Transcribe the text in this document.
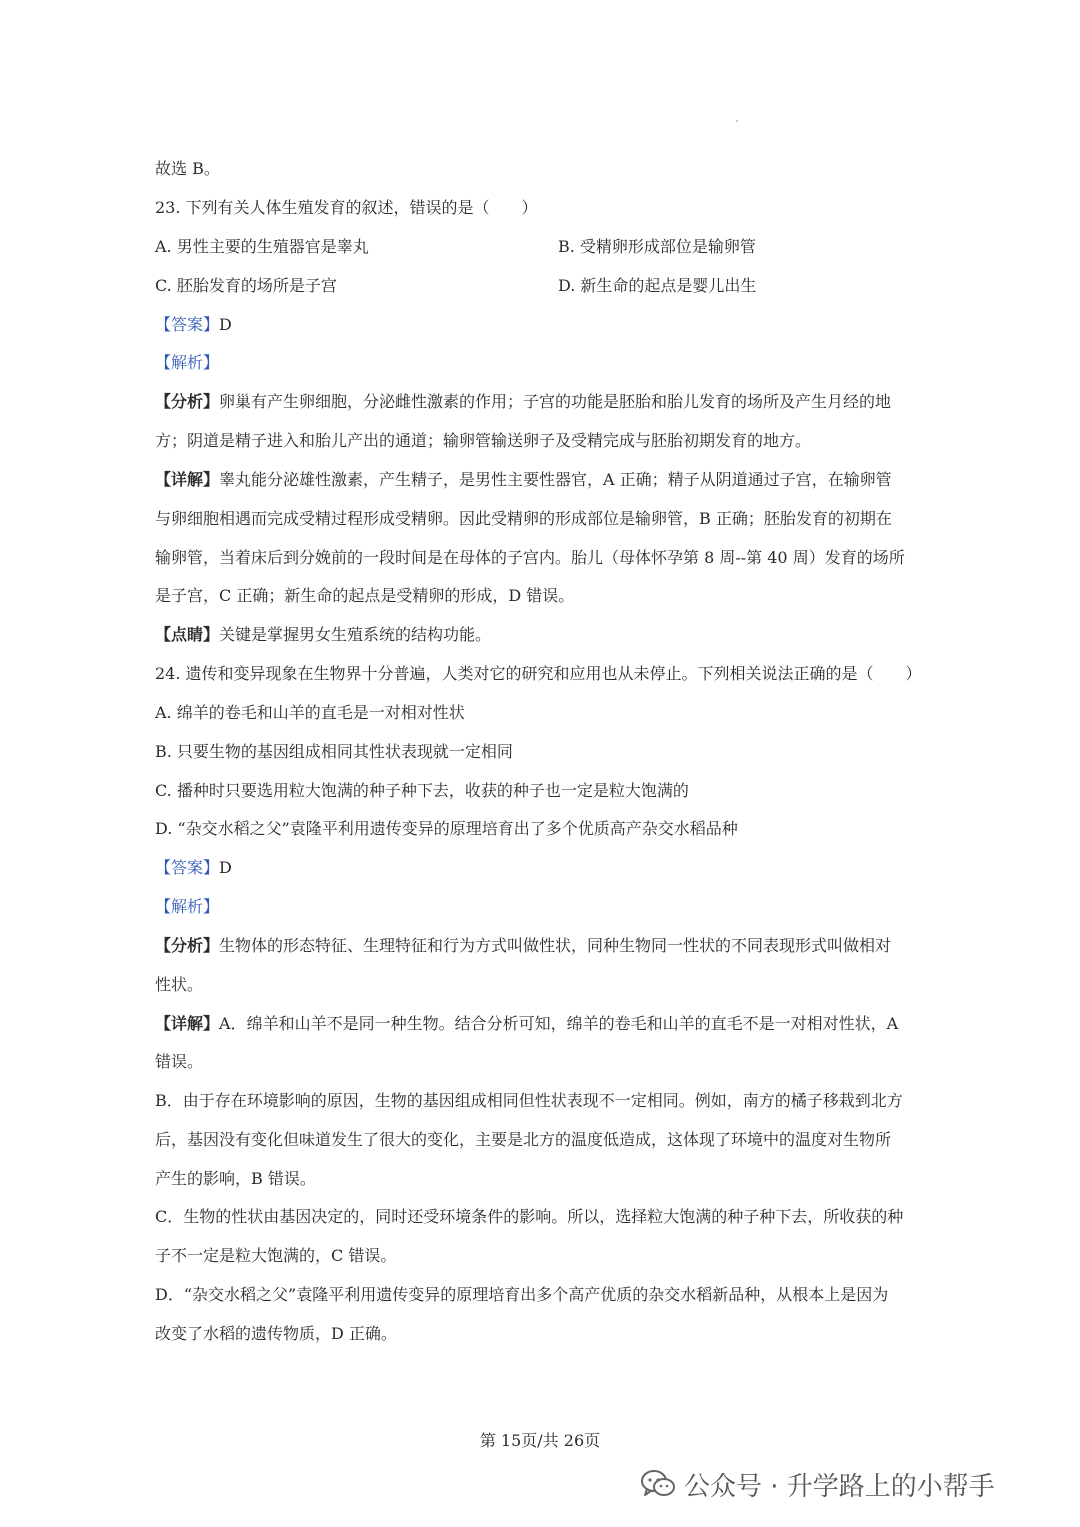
故选 B。
23. 下列有关人体生殖发育的叙述，错误的是（　　）
A. 男性主要的生殖器官是睾丸	B. 受精卵形成部位是输卵管
C. 胚胎发育的场所是子宫	D. 新生命的起点是婴儿出生
【答案】D
【解析】
【分析】卵巢有产生卵细胞，分泌雌性激素的作用；子宫的功能是胚胎和胎儿发育的场所及产生月经的地
方；阴道是精子进入和胎儿产出的通道；输卵管输送卵子及受精完成与胚胎初期发育的地方。
【详解】睾丸能分泌雄性激素，产生精子，是男性主要性器官，A 正确；精子从阴道通过子宫，在输卵管
与卵细胞相遇而完成受精过程形成受精卵。因此受精卵的形成部位是输卵管，B 正确；胚胎发育的初期在
输卵管，当着床后到分娩前的一段时间是在母体的子宫内。胎儿（母体怀孕第 8 周--第 40 周）发育的场所
是子宫，C 正确；新生命的起点是受精卵的形成，D 错误。
【点睛】关键是掌握男女生殖系统的结构功能。
24. 遗传和变异现象在生物界十分普遍，人类对它的研究和应用也从未停止。下列相关说法正确的是（　　）
A. 绵羊的卷毛和山羊的直毛是一对相对性状
B. 只要生物的基因组成相同其性状表现就一定相同
C. 播种时只要选用粒大饱满的种子种下去，收获的种子也一定是粒大饱满的
D. “杂交水稻之父”袁隆平利用遗传变异的原理培育出了多个优质高产杂交水稻品种
【答案】D
【解析】
【分析】生物体的形态特征、生理特征和行为方式叫做性状，同种生物同一性状的不同表现形式叫做相对
性状。
【详解】A．绵羊和山羊不是同一种生物。结合分析可知，绵羊的卷毛和山羊的直毛不是一对相对性状，A
错误。
B．由于存在环境影响的原因，生物的基因组成相同但性状表现不一定相同。例如，南方的橘子移栽到北方
后，基因没有变化但味道发生了很大的变化，主要是北方的温度低造成，这体现了环境中的温度对生物所
产生的影响，B 错误。
C．生物的性状由基因决定的，同时还受环境条件的影响。所以，选择粒大饱满的种子种下去，所收获的种
子不一定是粒大饱满的，C 错误。
D．“杂交水稻之父”袁隆平利用遗传变异的原理培育出多个高产优质的杂交水稻新品种，从根本上是因为
改变了水稻的遗传物质，D 正确。
第 15页/共 26页
公众号 · 升学路上的小帮手
